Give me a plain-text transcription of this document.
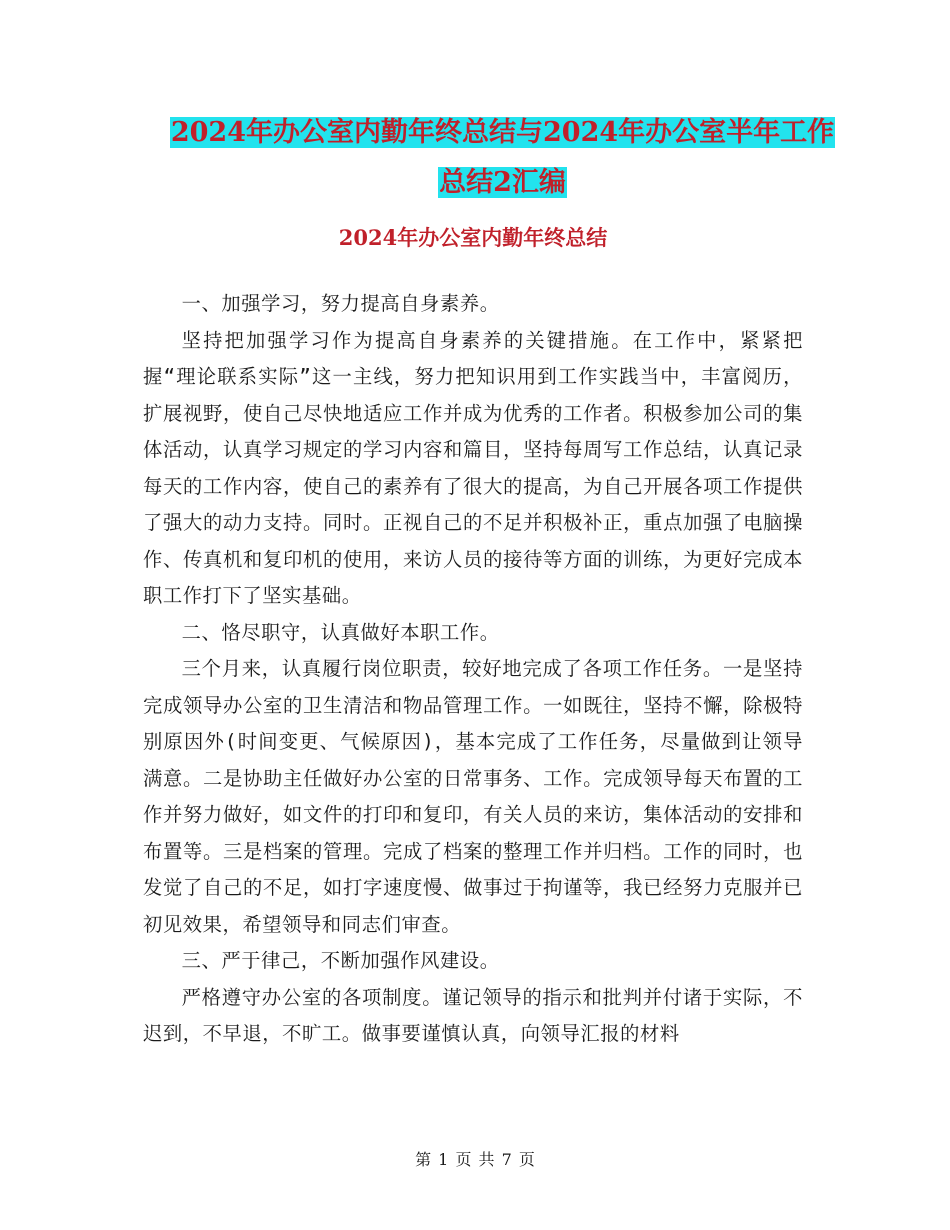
2024年办公室内勤年终总结与2024年办公室半年工作
总结2汇编
2024年办公室内勤年终总结

一、加强学习，努力提高自身素养。

坚持把加强学习作为提高自身素养的关键措施。在工作中，紧紧把握“理论联系实际”这一主线，努力把知识用到工作实践当中，丰富阅历，扩展视野，使自己尽快地适应工作并成为优秀的工作者。积极参加公司的集体活动，认真学习规定的学习内容和篇目，坚持每周写工作总结，认真记录每天的工作内容，使自己的素养有了很大的提高，为自己开展各项工作提供了强大的动力支持。同时。正视自己的不足并积极补正，重点加强了电脑操作、传真机和复印机的使用，来访人员的接待等方面的训练，为更好完成本职工作打下了坚实基础。

二、恪尽职守，认真做好本职工作。

三个月来，认真履行岗位职责，较好地完成了各项工作任务。一是坚持完成领导办公室的卫生清洁和物品管理工作。一如既往，坚持不懈，除极特别原因外(时间变更、气候原因)，基本完成了工作任务，尽量做到让领导满意。二是协助主任做好办公室的日常事务、工作。完成领导每天布置的工作并努力做好，如文件的打印和复印，有关人员的来访，集体活动的安排和布置等。三是档案的管理。完成了档案的整理工作并归档。工作的同时，也发觉了自己的不足，如打字速度慢、做事过于拘谨等，我已经努力克服并已初见效果，希望领导和同志们审查。

三、严于律己，不断加强作风建设。

严格遵守办公室的各项制度。谨记领导的指示和批判并付诸于实际，不迟到，不早退，不旷工。做事要谨慎认真，向领导汇报的材料

第 1 页 共 7 页
